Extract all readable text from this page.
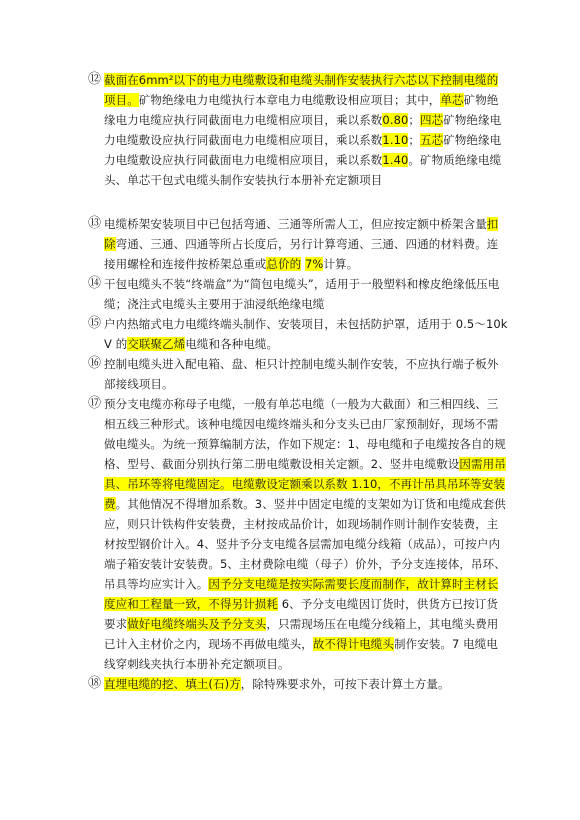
⑫ 截面在6mm²以下的电力电缆敷设和电缆头制作安装执行六芯以下控制电缆的项目。矿物绝缘电力电缆执行本章电力电缆敷设相应项目；其中，单芯矿物绝缘电力电缆应执行同截面电力电缆相应项目，乘以系数0.80；四芯矿物绝缘电力电缆敷设应执行同截面电力电缆相应项目，乘以系数1.10；五芯矿物绝缘电力电缆敷设应执行同截面电力电缆相应项目，乘以系数1.40。矿物质绝缘电缆头、单芯干包式电缆头制作安装执行本册补充定额项目
⑬ 电缆桥架安装项目中已包括弯通、三通等所需人工，但应按定额中桥架含量扣除弯通、三通、四通等所占长度后，另行计算弯通、三通、四通的材料费。连接用螺栓和连接件按桥架总重或总价的 7%计算。
⑭ 干包电缆头不装“终端盒”为“简包电缆头”，适用于一般塑料和橡皮绝缘低压电缆；浇注式电缆头主要用于油浸纸绝缘电缆
⑮ 户内热缩式电力电缆终端头制作、安装项目，未包括防护罩，适用于 0.5～10kV 的交联聚乙烯电缆和各种电缆。
⑯ 控制电缆头进入配电箱、盘、柜只计控制电缆头制作安装，不应执行端子板外部接线项目。
⑰ 预分支电缆亦称母子电缆，一般有单芯电缆（一般为大截面）和三相四线、三相五线三种形式。该种电缆因电缆终端头和分支头已由厂家预制好，现场不需做电缆头。为统一预算编制方法，作如下规定：1、母电缆和子电缆按各自的规格、型号、截面分别执行第二册电缆敷设相关定额。2、竖井电缆敷设因需用吊具、吊环等将电缆固定。电缆敷设定额乘以系数 1.10，不再计吊具吊环等安装费。其他情况不得增加系数。3、竖井中固定电缆的支架如为订货和电缆成套供应，则只计铁构件安装费，主材按成品价计，如现场制作则计制作安装费，主材按型钢价计入。4、竖井予分支电缆各层需加电缆分线箱（成品），可按户内端子箱安装计安装费。5、主材费除电缆（母子）价外，予分支连接体，吊环、吊具等均应实计入。因予分支电缆是按实际需要长度而制作，故计算时主材长度应和工程量一致，不得另计损耗 6、予分支电缆因订货时，供货方已按订货要求做好电缆终端头及予分支头，只需现场压在电缆分线箱上，其电缆头费用已计入主材价之内，现场不再做电缆头，故不得计电缆头制作安装。7 电缆电线穿刺线夹执行本册补充定额项目。
⑱ 直埋电缆的挖、填土(石)方，除特殊要求外，可按下表计算土方量。
